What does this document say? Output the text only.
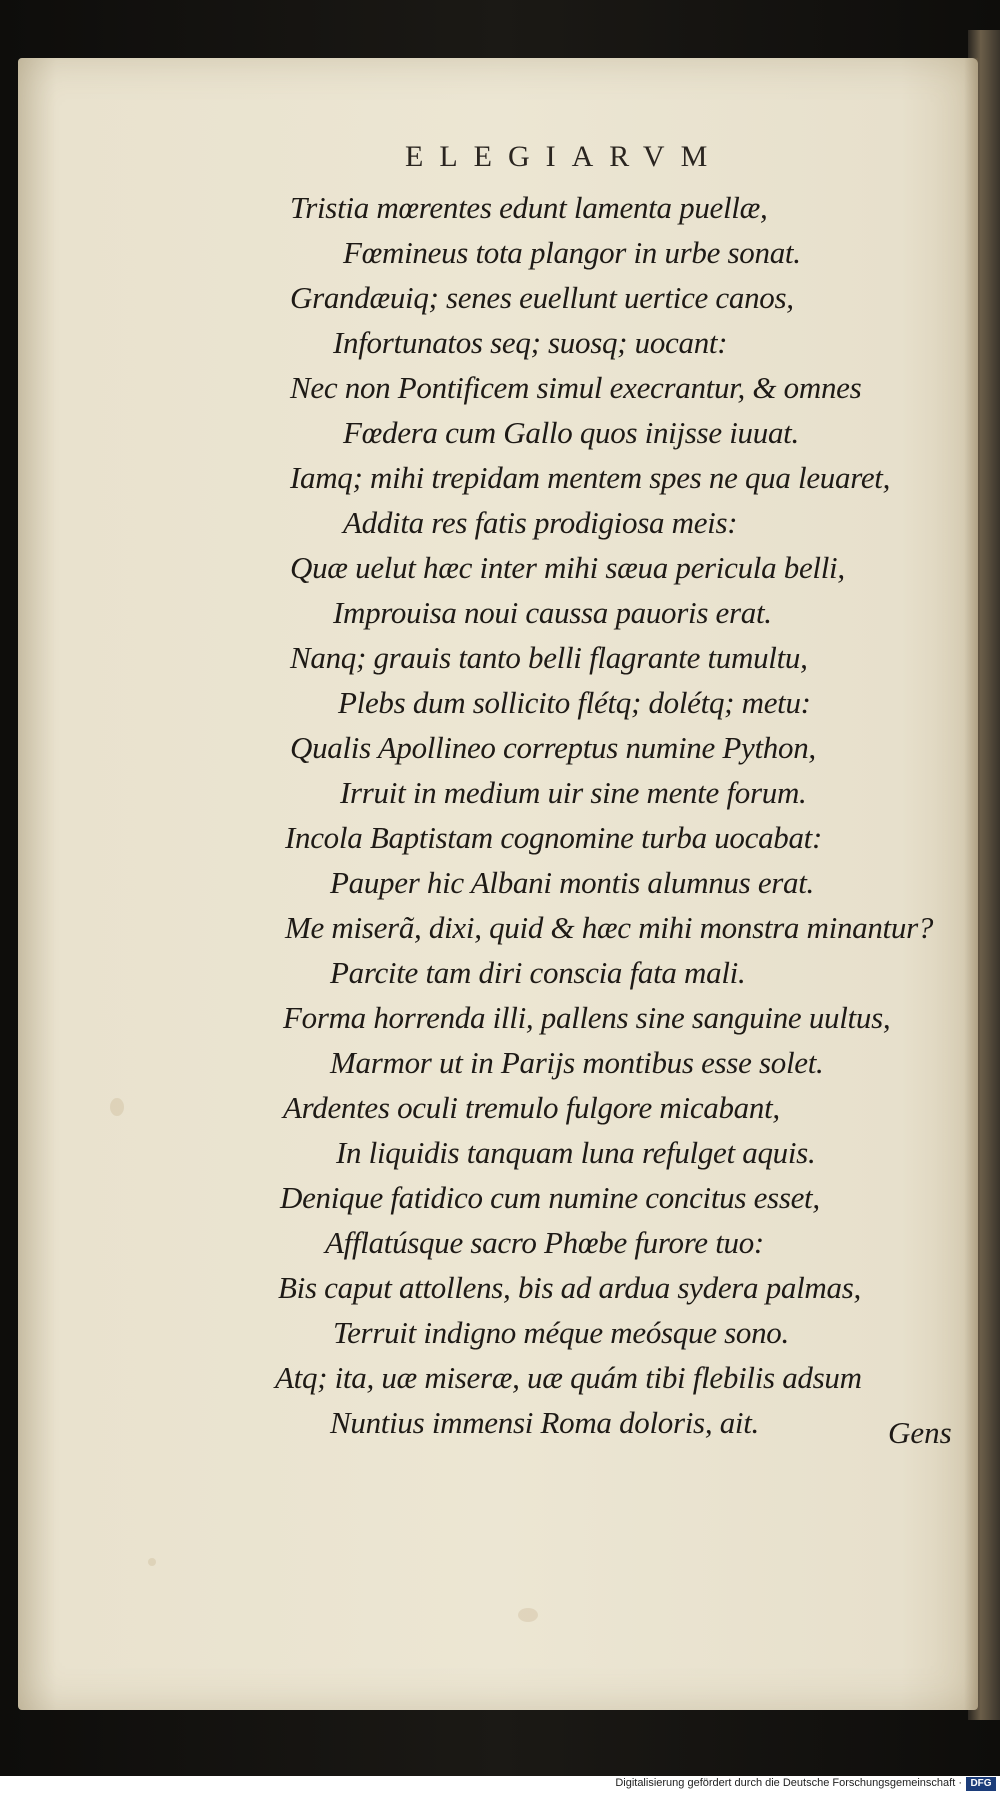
ELEGIARVM
Tristia mœrentes edunt lamenta puellæ,
Fœmineus tota plangor in urbe sonat.
Grandæuiq; senes euellunt uertice canos,
Infortunatos seq; suosq; uocant:
Nec non Pontificem simul execrantur, & omnes
Fœdera cum Gallo quos inijsse iuuat.
Iamq; mihi trepidam mentem spes ne qua leuaret,
Addita res fatis prodigiosa meis:
Quæ uelut hæc inter mihi sæua pericula belli,
Improuisa noui caussa pauoris erat.
Nanq; grauis tanto belli flagrante tumultu,
Plebs dum sollicito flétq; dolétq; metu:
Qualis Apollineo correptus numine Python,
Irruit in medium uir sine mente forum.
Incola Baptistam cognomine turba uocabat:
Pauper hic Albani montis alumnus erat.
Me miserã, dixi, quid & hæc mihi monstra minantur?
Parcite tam diri conscia fata mali.
Forma horrenda illi, pallens sine sanguine uultus,
Marmor ut in Parijs montibus esse solet.
Ardentes oculi tremulo fulgore micabant,
In liquidis tanquam luna refulget aquis.
Denique fatidico cum numine concitus esset,
Afflatúsque sacro Phœbe furore tuo:
Bis caput attollens, bis ad ardua sydera palmas,
Terruit indigno méque meósque sono.
Atq; ita, uæ miseræ, uæ quám tibi flebilis adsum
Nuntius immensi Roma doloris, ait.	Gens
Digitalisierung gefördert durch die Deutsche Forschungsgemeinschaft · DFG
